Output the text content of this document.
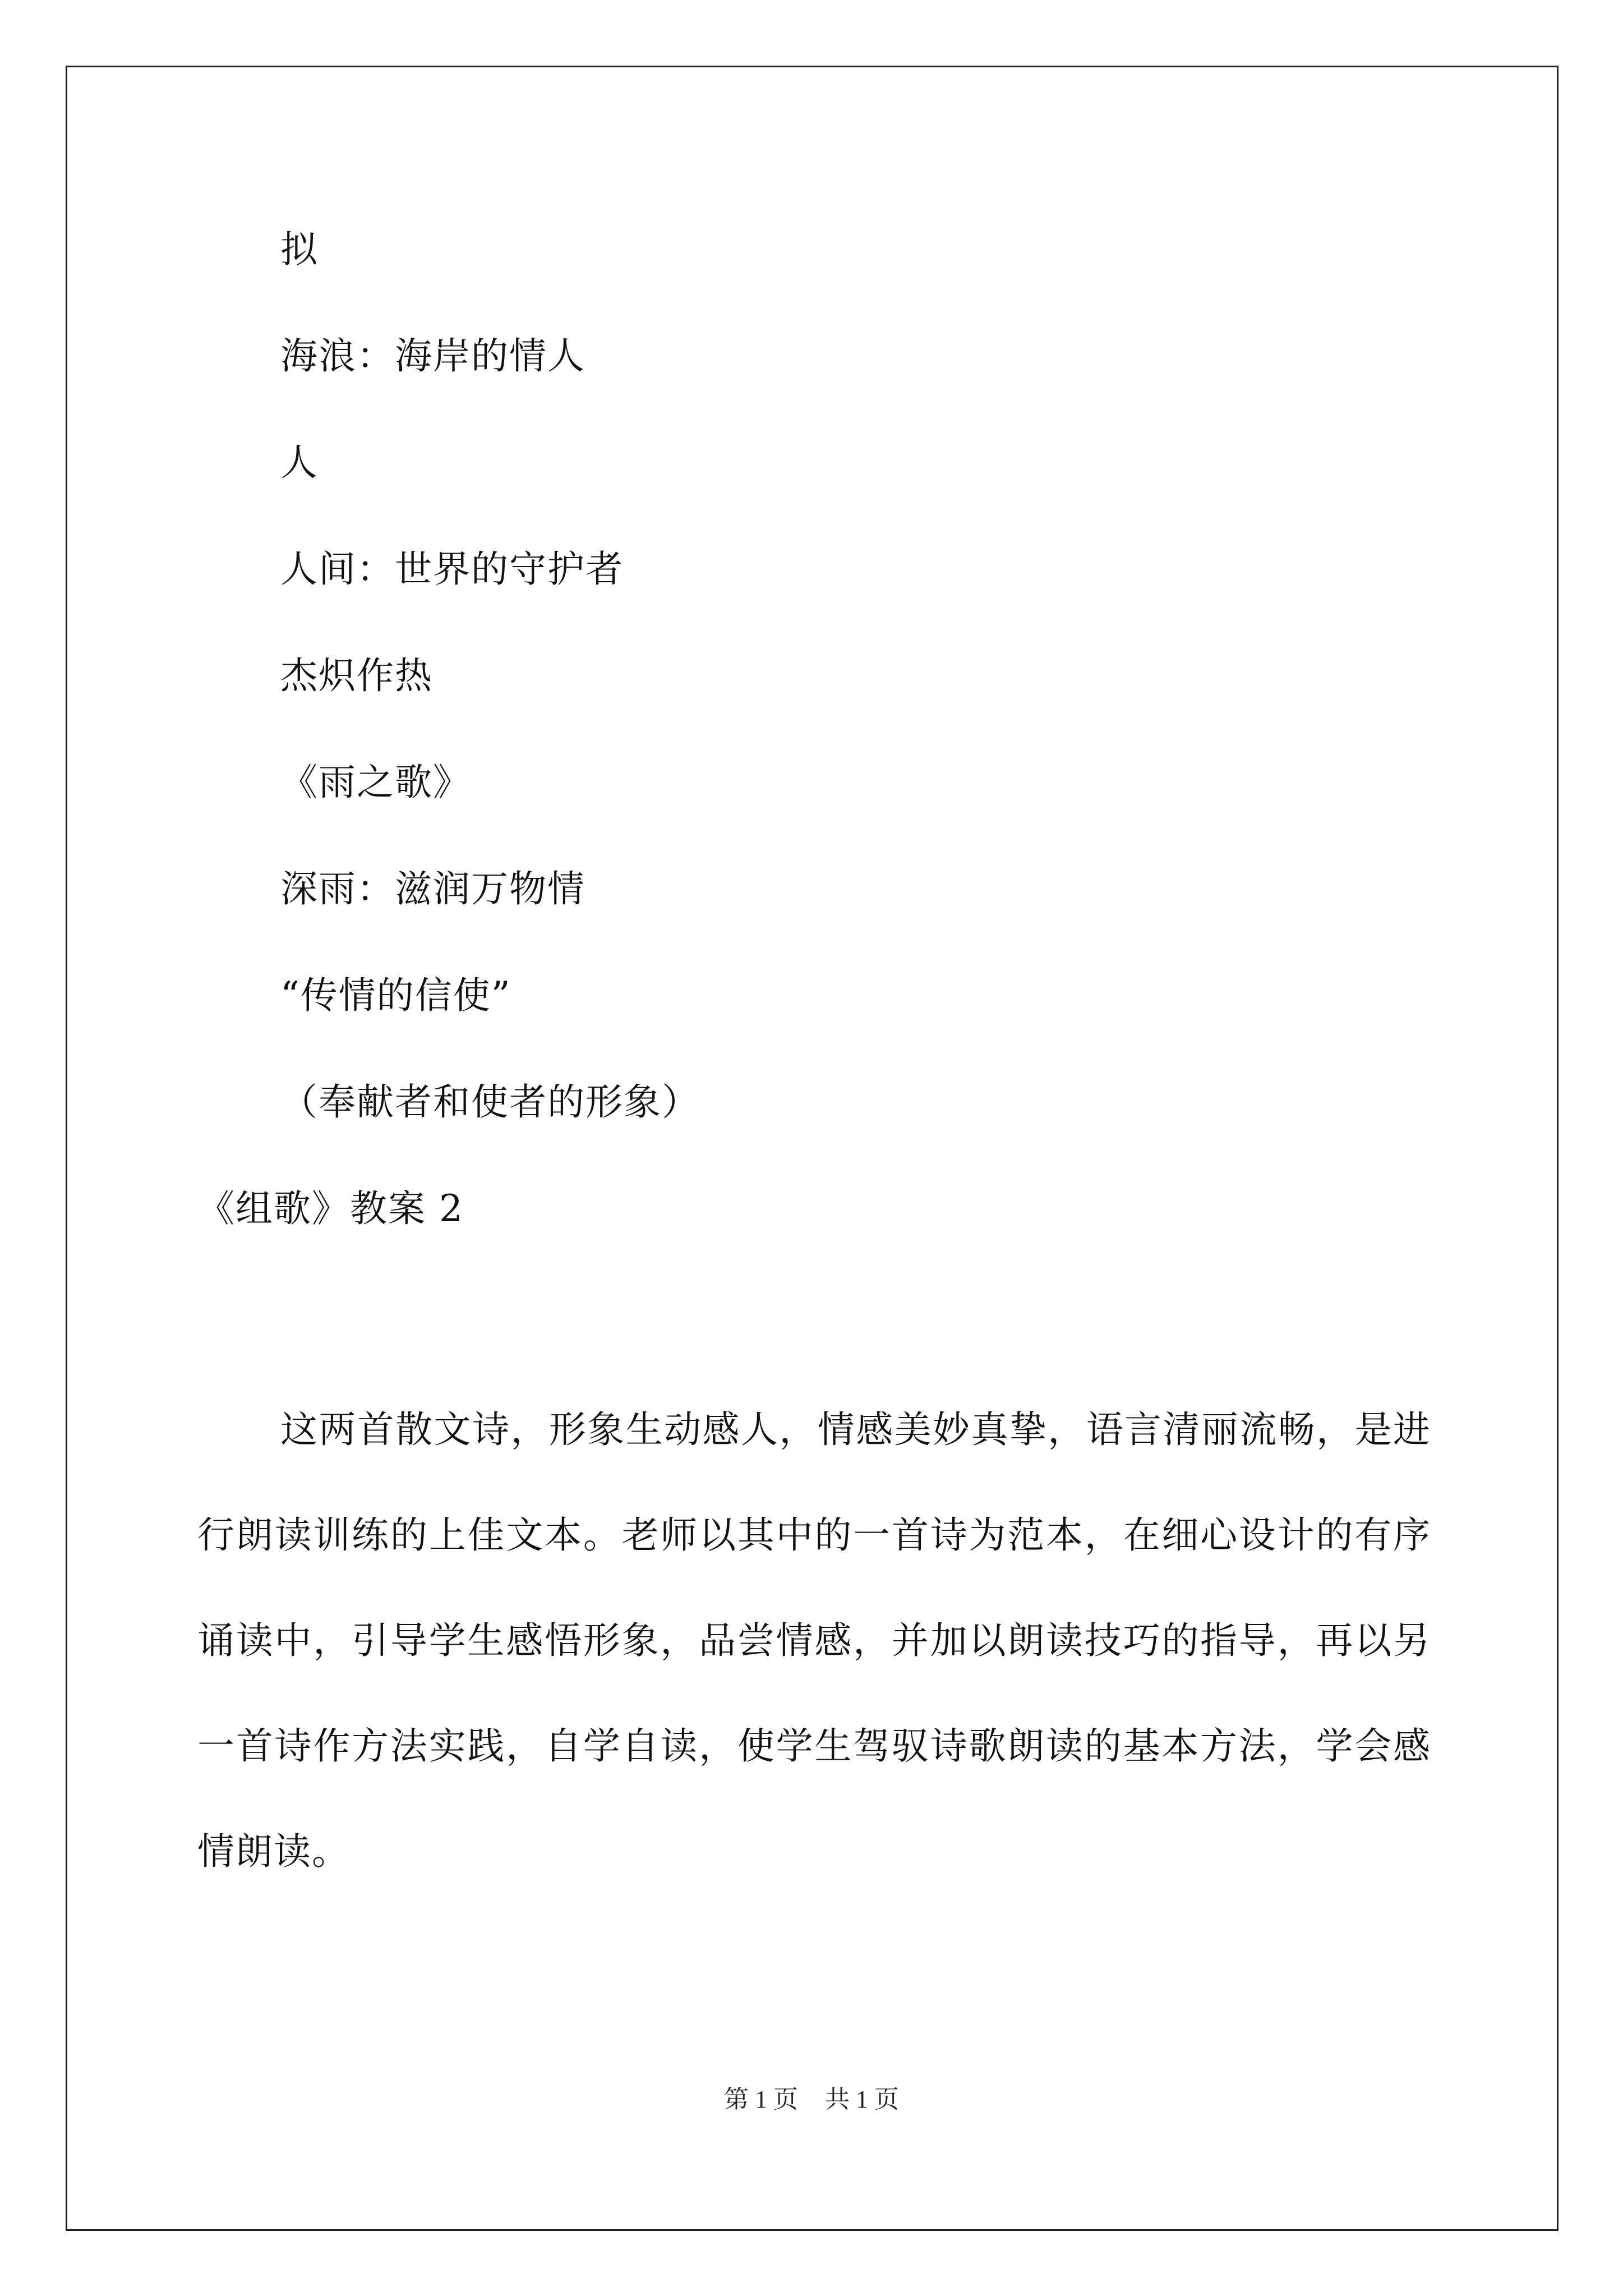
拟
海浪：海岸的情人
人
人间：世界的守护者
杰炽作热
《雨之歌》
深雨：滋润万物情
“传情的信使”
（奉献者和使者的形象）
《组歌》教案 2
这两首散文诗，形象生动感人，情感美妙真挚，语言清丽流畅，是进行朗读训练的上佳文本。老师以其中的一首诗为范本，在细心设计的有序诵读中，引导学生感悟形象，品尝情感，并加以朗读技巧的指导，再以另一首诗作方法实践，自学自读，使学生驾驭诗歌朗读的基本方法，学会感情朗读。
第 1 页 共 1 页
